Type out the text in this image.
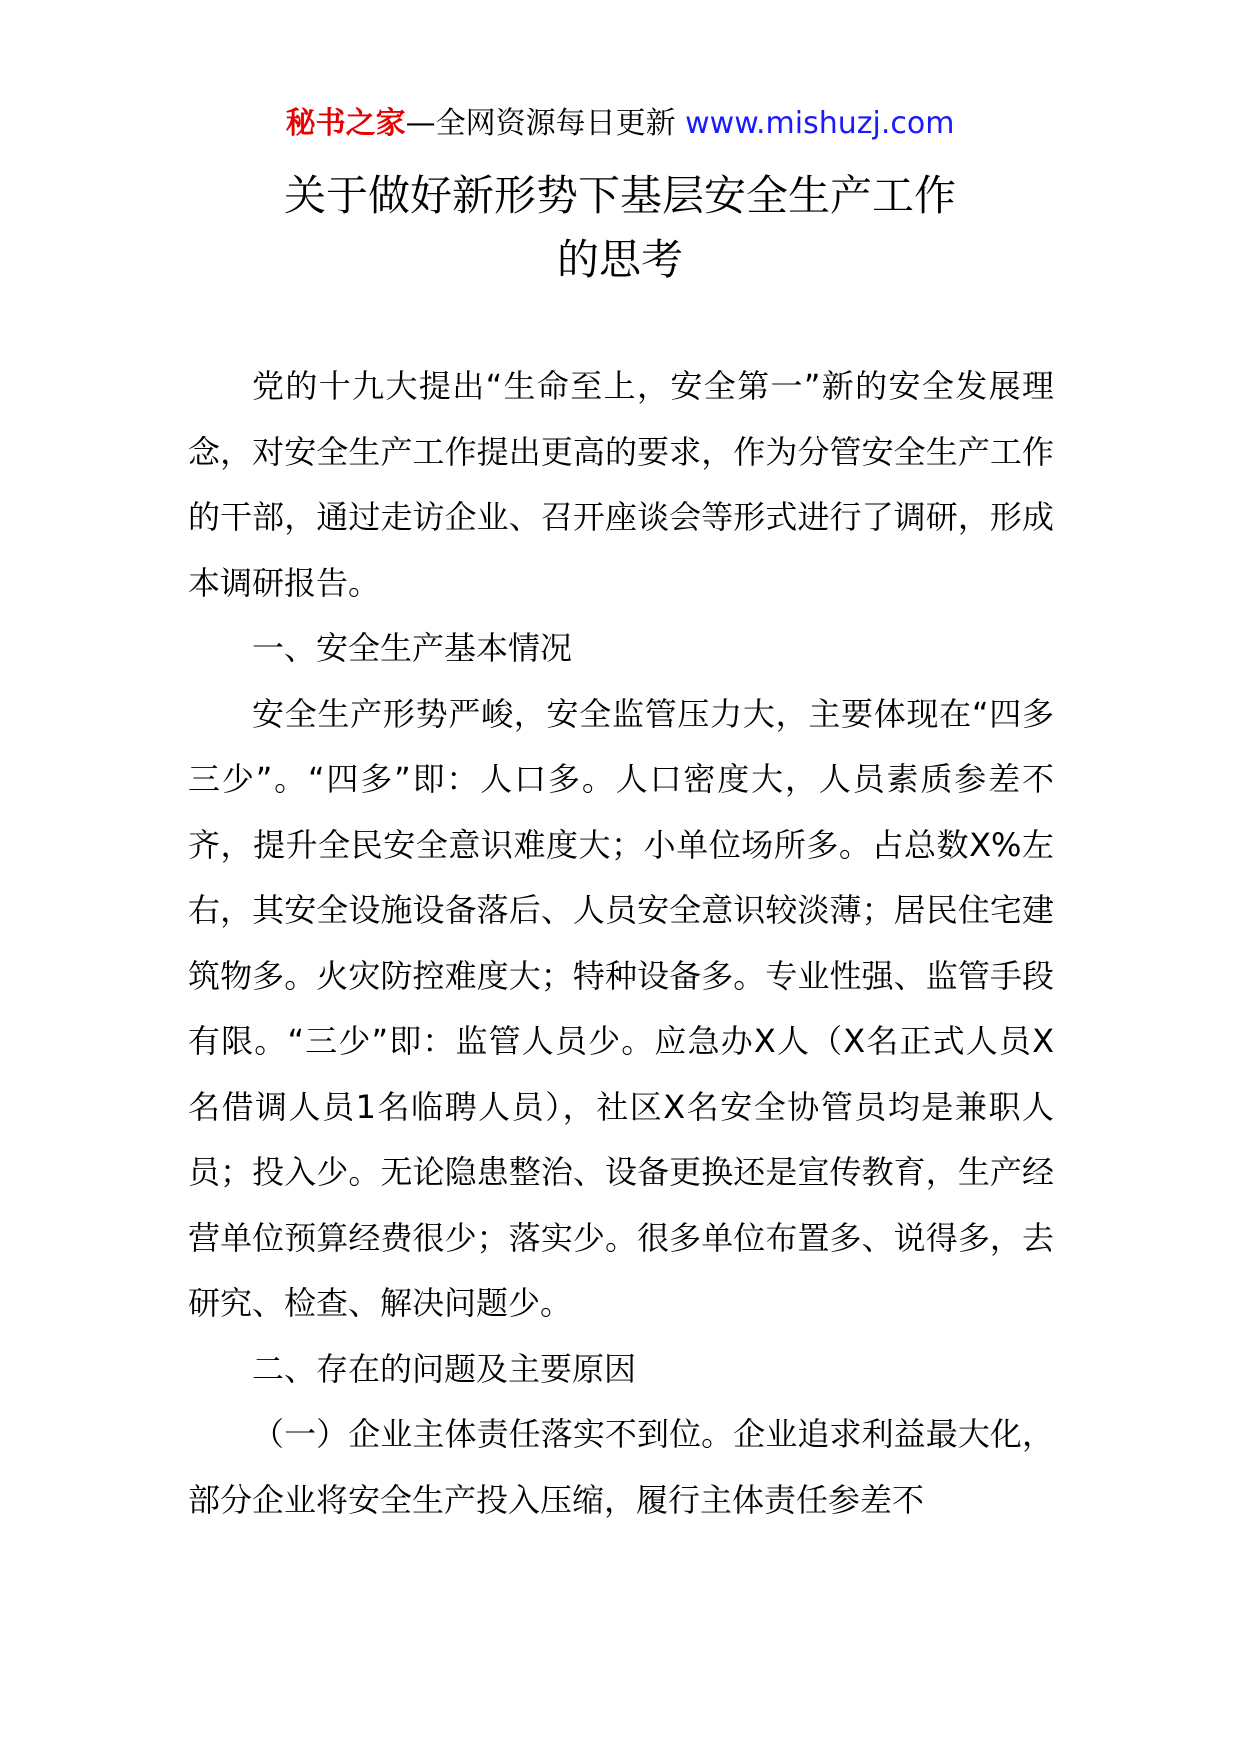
秘书之家—全网资源每日更新 www.mishuzj.com
关于做好新形势下基层安全生产工作
的思考

党的十九大提出“生命至上，安全第一”新的安全发展理念，对安全生产工作提出更高的要求，作为分管安全生产工作的干部，通过走访企业、召开座谈会等形式进行了调研，形成本调研报告。

一、安全生产基本情况

安全生产形势严峻，安全监管压力大，主要体现在“四多三少”。“四多”即：人口多。人口密度大，人员素质参差不齐，提升全民安全意识难度大；小单位场所多。占总数X%左右，其安全设施设备落后、人员安全意识较淡薄；居民住宅建筑物多。火灾防控难度大；特种设备多。专业性强、监管手段有限。“三少”即：监管人员少。应急办X人（X名正式人员X名借调人员1名临聘人员），社区X名安全协管员均是兼职人员；投入少。无论隐患整治、设备更换还是宣传教育，生产经营单位预算经费很少；落实少。很多单位布置多、说得多，去研究、检查、解决问题少。

二、存在的问题及主要原因

（一）企业主体责任落实不到位。企业追求利益最大化，部分企业将安全生产投入压缩，履行主体责任参差不
